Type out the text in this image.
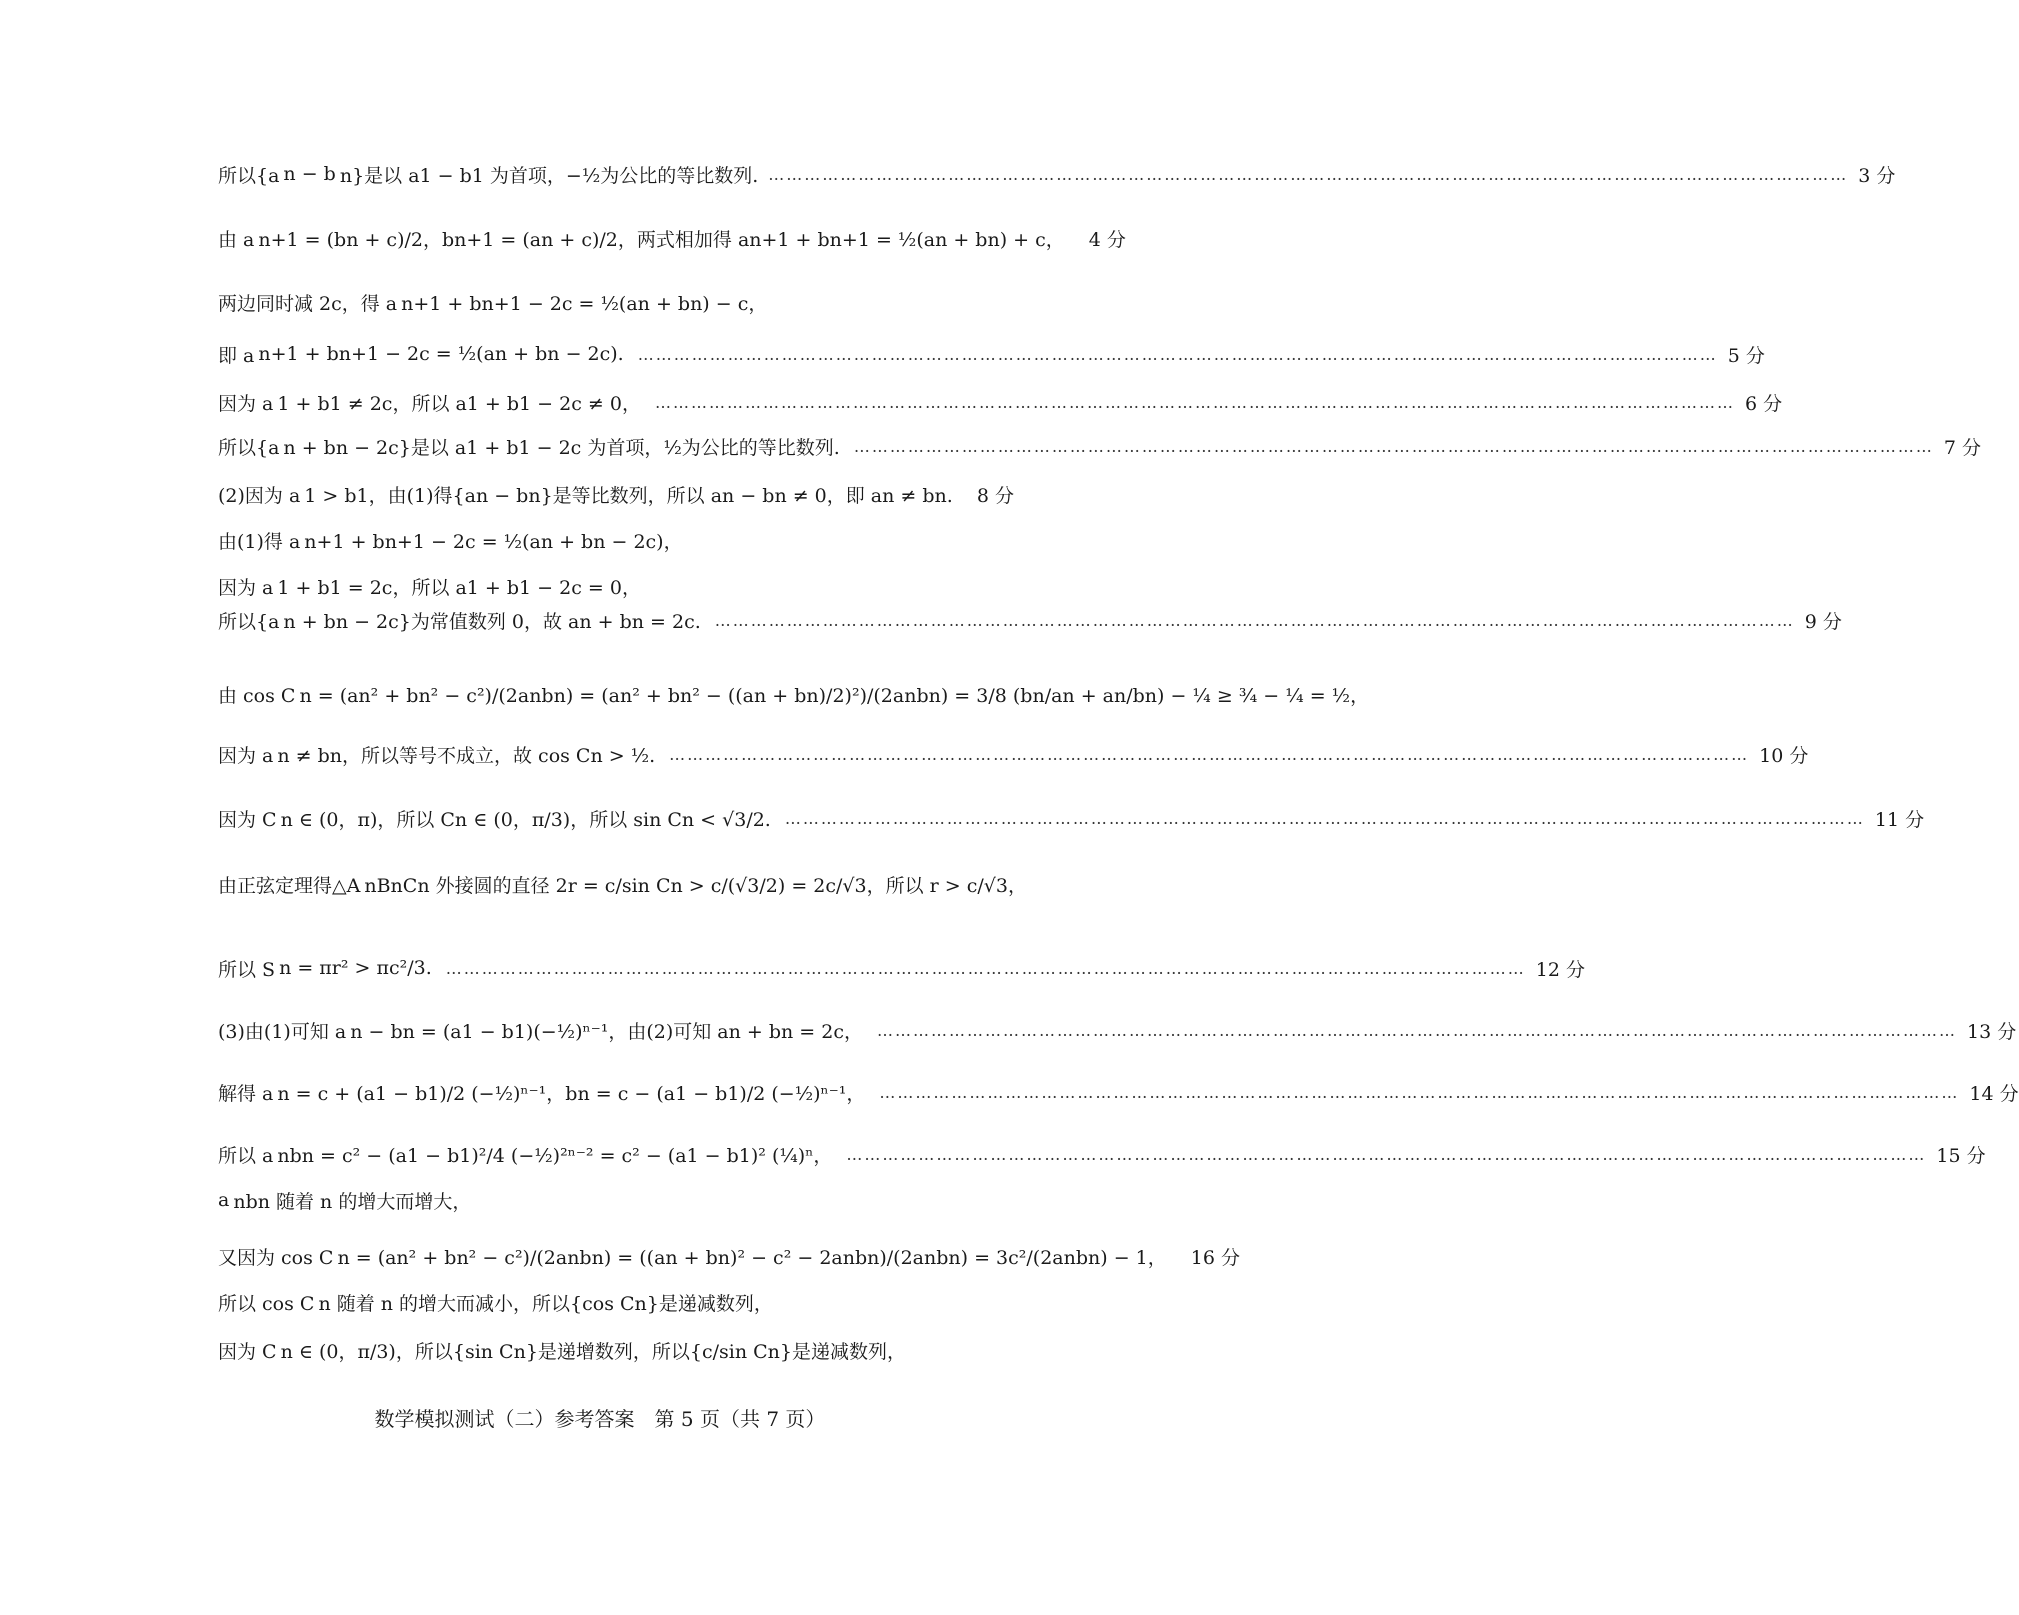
所以{a n − b n}是以 a1 − b1 为首项，−½为公比的等比数列. ……………………………………………………………………………………………………………………………………………………………… 3 分
由 a n+1 = (bn + c)/2，bn+1 = (an + c)/2，两式相加得 an+1 + bn+1 = ½(an + bn) + c， 4 分
两边同时减 2c，得 a n+1 + bn+1 − 2c = ½(an + bn) − c，
即 a n+1 + bn+1 − 2c = ½(an + bn − 2c). ……………………………………………………………………………………………………………………………………………………………… 5 分
因为 a 1 + b1 ≠ 2c，所以 a1 + b1 − 2c ≠ 0， ……………………………………………………………………………………………………………………………………………………………… 6 分
所以{a n + bn − 2c}是以 a1 + b1 − 2c 为首项，½为公比的等比数列. ……………………………………………………………………………………………………………………………………………………………… 7 分
(2)因为 a 1 > b1，由(1)得{an − bn}是等比数列，所以 an − bn ≠ 0，即 an ≠ bn. 8 分
由(1)得 a n+1 + bn+1 − 2c = ½(an + bn − 2c)，
因为 a 1 + b1 = 2c，所以 a1 + b1 − 2c = 0，
所以{a n + bn − 2c}为常值数列 0，故 an + bn = 2c. ……………………………………………………………………………………………………………………………………………………………… 9 分
由 cos C n = (an² + bn² − c²)/(2anbn) = (an² + bn² − ((an + bn)/2)²)/(2anbn) = 3/8 (bn/an + an/bn) − ¼ ≥ ¾ − ¼ = ½，
因为 a n ≠ bn，所以等号不成立，故 cos Cn > ½. ……………………………………………………………………………………………………………………………………………………………… 10 分
因为 C n ∈ (0，π)，所以 Cn ∈ (0，π/3)，所以 sin Cn < √3/2. ……………………………………………………………………………………………………………………………………………………………… 11 分
由正弦定理得△A nBnCn 外接圆的直径 2r = c/sin Cn > c/(√3/2) = 2c/√3，所以 r > c/√3，
所以 S n = πr² > πc²/3. ……………………………………………………………………………………………………………………………………………………………… 12 分
(3)由(1)可知 a n − bn = (a1 − b1)(−½)ⁿ⁻¹，由(2)可知 an + bn = 2c， ……………………………………………………………………………………………………………………………………………………………… 13 分
解得 a n = c + (a1 − b1)/2 (−½)ⁿ⁻¹，bn = c − (a1 − b1)/2 (−½)ⁿ⁻¹， ……………………………………………………………………………………………………………………………………………………………… 14 分
所以 a nbn = c² − (a1 − b1)²/4 (−½)²ⁿ⁻² = c² − (a1 − b1)² (¼)ⁿ， ……………………………………………………………………………………………………………………………………………………………… 15 分
a nbn 随着 n 的增大而增大，
又因为 cos C n = (an² + bn² − c²)/(2anbn) = ((an + bn)² − c² − 2anbn)/(2anbn) = 3c²/(2anbn) − 1， 16 分
所以 cos C n 随着 n 的增大而减小，所以{cos Cn}是递减数列，
因为 C n ∈ (0，π/3)，所以{sin Cn}是递增数列，所以{c/sin Cn}是递减数列，
数学模拟测试（二）参考答案　第 5 页（共 7 页）
